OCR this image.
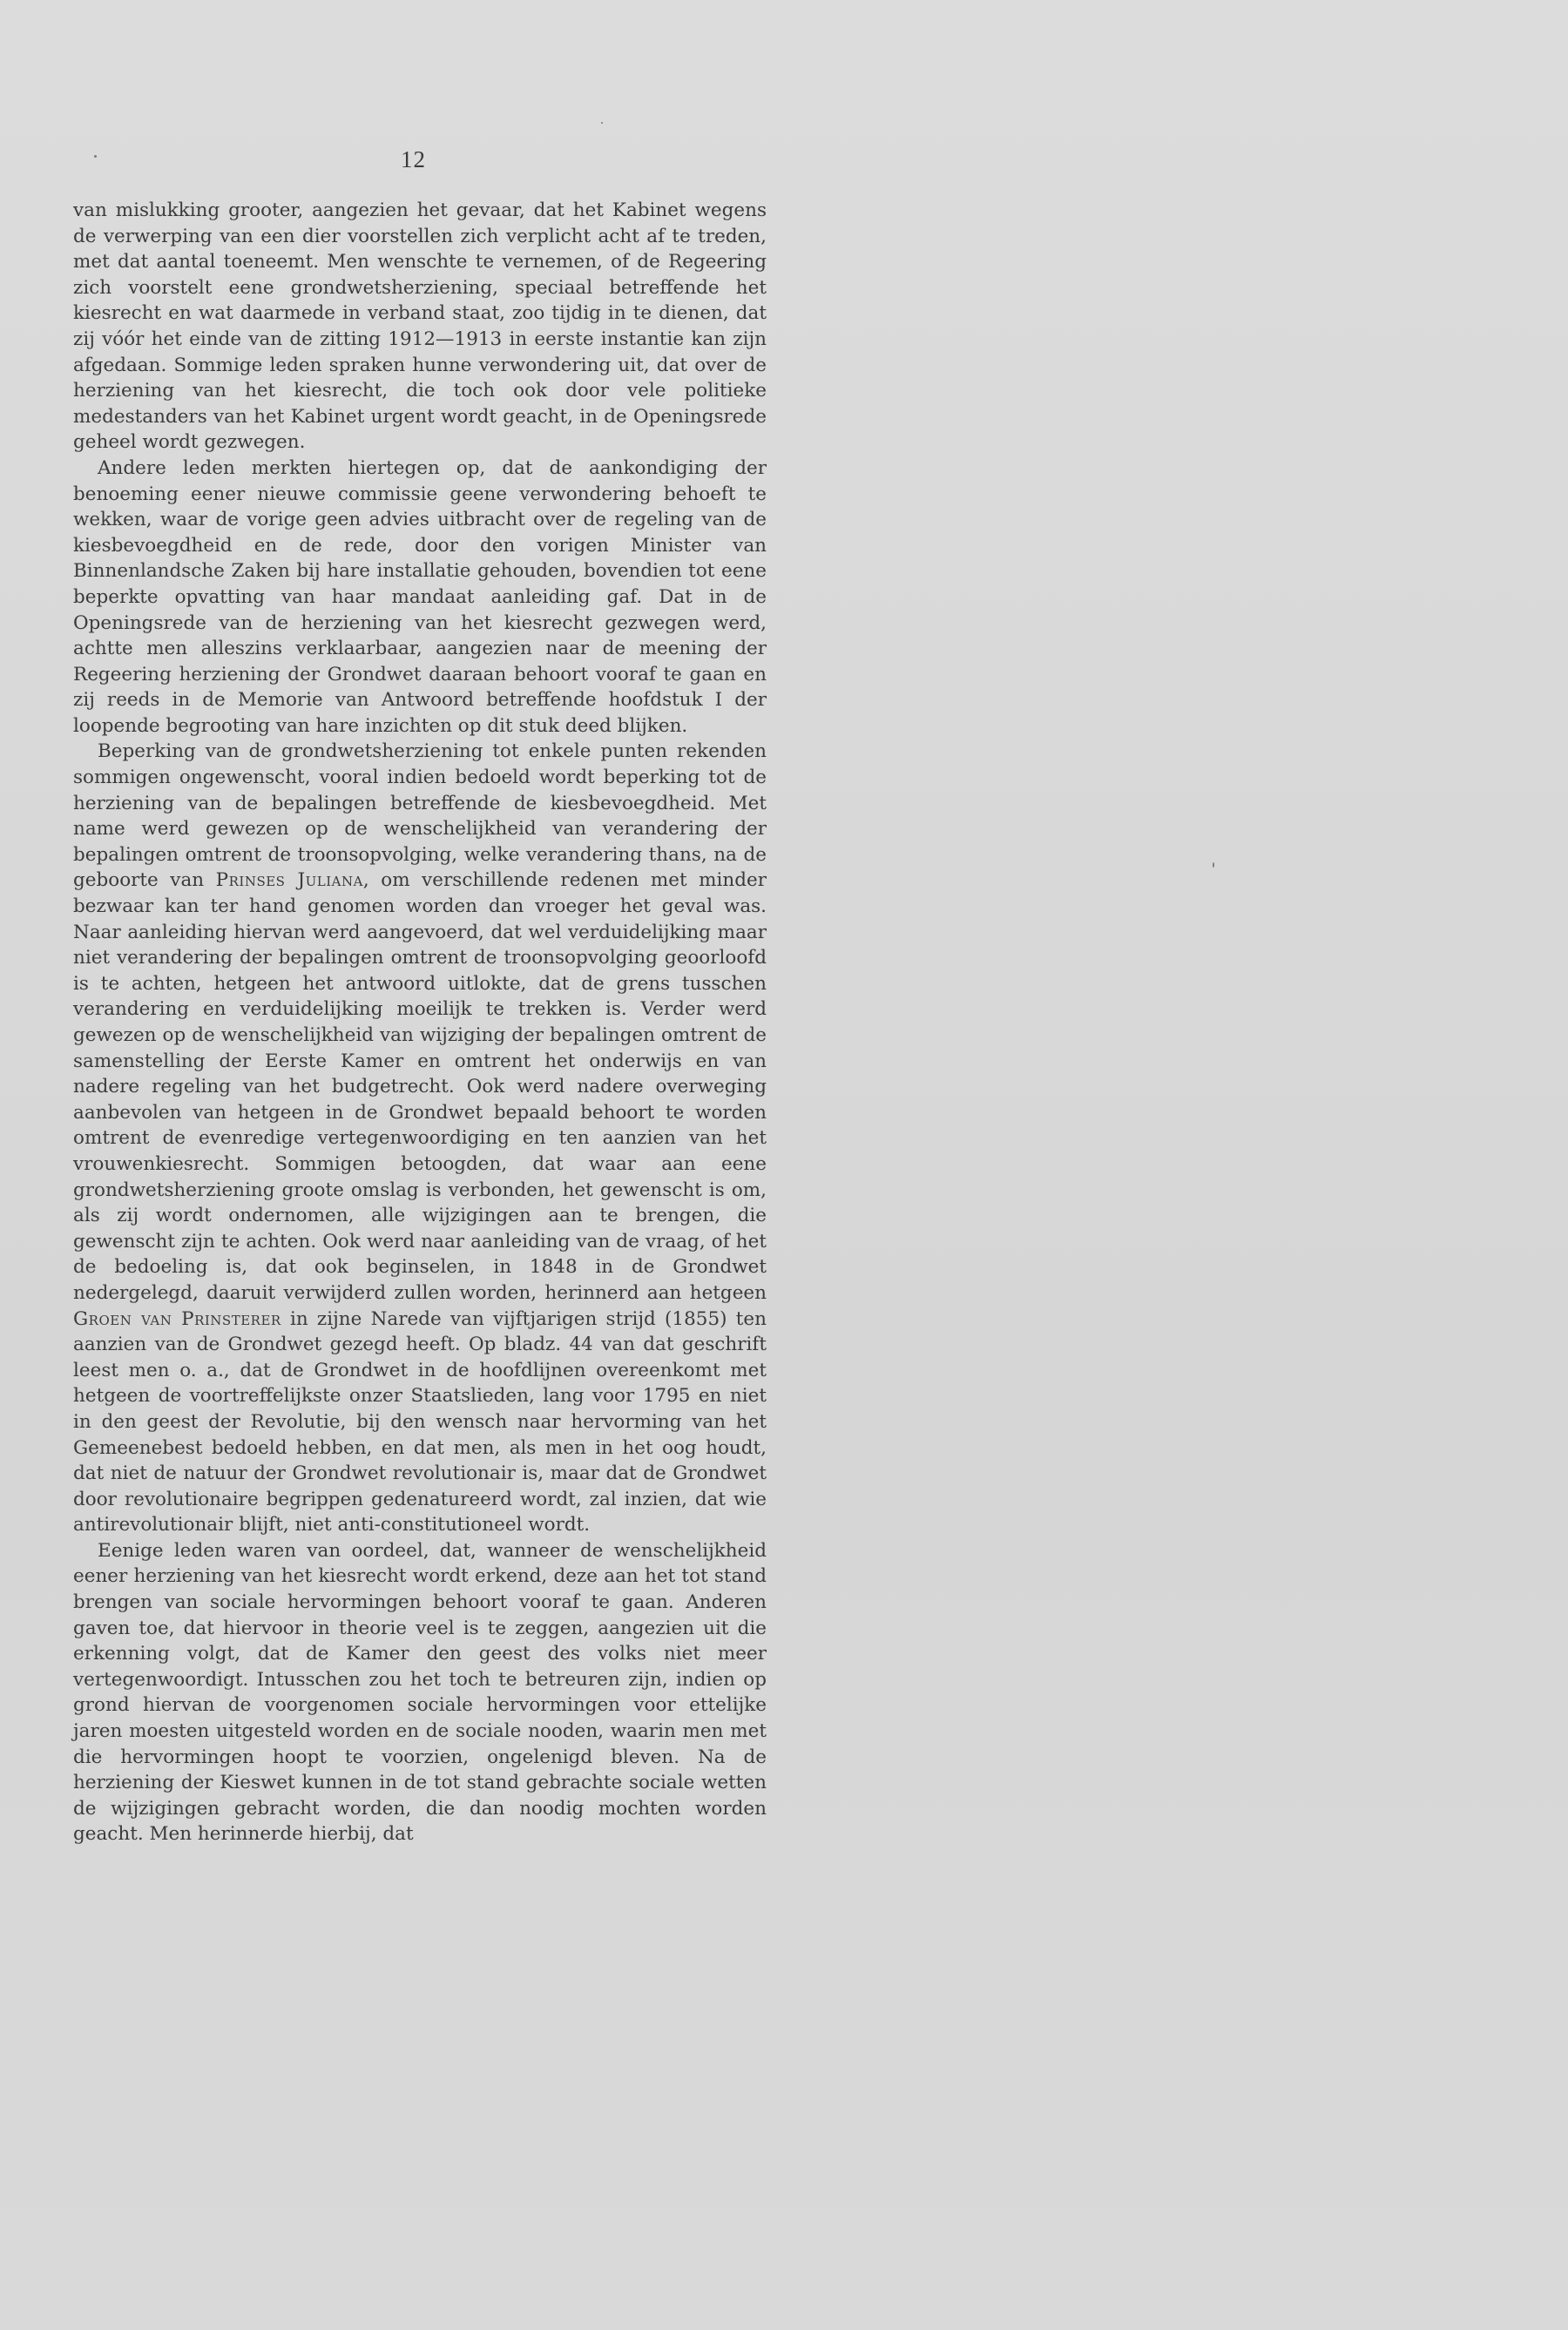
12

van mislukking grooter, aangezien het gevaar, dat het Kabinet wegens de verwerping van een dier voorstellen zich verplicht acht af te treden, met dat aantal toeneemt. Men wenschte te vernemen, of de Regeering zich voorstelt eene grondwetsherziening, speciaal betreffende het kiesrecht en wat daarmede in verband staat, zoo tijdig in te dienen, dat zij vóór het einde van de zitting 1912—1913 in eerste instantie kan zijn afgedaan. Sommige leden spraken hunne verwondering uit, dat over de herziening van het kiesrecht, die toch ook door vele politieke medestanders van het Kabinet urgent wordt geacht, in de Openingsrede geheel wordt gezwegen.

Andere leden merkten hiertegen op, dat de aankondiging der benoeming eener nieuwe commissie geene verwondering behoeft te wekken, waar de vorige geen advies uitbracht over de regeling van de kiesbevoegdheid en de rede, door den vorigen Minister van Binnenlandsche Zaken bij hare installatie gehouden, bovendien tot eene beperkte opvatting van haar mandaat aanleiding gaf. Dat in de Openingsrede van de herziening van het kiesrecht gezwegen werd, achtte men alleszins verklaarbaar, aangezien naar de meening der Regeering herziening der Grondwet daaraan behoort vooraf te gaan en zij reeds in de Memorie van Antwoord betreffende hoofdstuk I der loopende begrooting van hare inzichten op dit stuk deed blijken.

Beperking van de grondwetsherziening tot enkele punten rekenden sommigen ongewenscht, vooral indien bedoeld wordt beperking tot de herziening van de bepalingen betreffende de kiesbevoegdheid. Met name werd gewezen op de wenschelijkheid van verandering der bepalingen omtrent de troonsopvolging, welke verandering thans, na de geboorte van Prinses Juliana, om verschillende redenen met minder bezwaar kan ter hand genomen worden dan vroeger het geval was. Naar aanleiding hiervan werd aangevoerd, dat wel verduidelijking maar niet verandering der bepalingen omtrent de troonsopvolging geoorloofd is te achten, hetgeen het antwoord uitlokte, dat de grens tusschen verandering en verduidelijking moeilijk te trekken is. Verder werd gewezen op de wenschelijkheid van wijziging der bepalingen omtrent de samenstelling der Eerste Kamer en omtrent het onderwijs en van nadere regeling van het budgetrecht. Ook werd nadere overweging aanbevolen van hetgeen in de Grondwet bepaald behoort te worden omtrent de evenredige vertegenwoordiging en ten aanzien van het vrouwenkiesrecht. Sommigen betoogden, dat waar aan eene grondwetsherziening groote omslag is verbonden, het gewenscht is om, als zij wordt ondernomen, alle wijzigingen aan te brengen, die gewenscht zijn te achten. Ook werd naar aanleiding van de vraag, of het de bedoeling is, dat ook beginselen, in 1848 in de Grondwet nedergelegd, daaruit verwijderd zullen worden, herinnerd aan hetgeen Groen van Prinsterer in zijne Narede van vijftjarigen strijd (1855) ten aanzien van de Grondwet gezegd heeft. Op bladz. 44 van dat geschrift leest men o. a., dat de Grondwet in de hoofdlijnen overeenkomt met hetgeen de voortreffelijkste onzer Staatslieden, lang voor 1795 en niet in den geest der Revolutie, bij den wensch naar hervorming van het Gemeenebest bedoeld hebben, en dat men, als men in het oog houdt, dat niet de natuur der Grondwet revolutionair is, maar dat de Grondwet door revolutionaire begrippen gedenatureerd wordt, zal inzien, dat wie antirevolutionair blijft, niet anti-constitutioneel wordt.

Eenige leden waren van oordeel, dat, wanneer de wenschelijkheid eener herziening van het kiesrecht wordt erkend, deze aan het tot stand brengen van sociale hervormingen behoort vooraf te gaan. Anderen gaven toe, dat hiervoor in theorie veel is te zeggen, aangezien uit die erkenning volgt, dat de Kamer den geest des volks niet meer vertegenwoordigt. Intusschen zou het toch te betreuren zijn, indien op grond hiervan de voorgenomen sociale hervormingen voor ettelijke jaren moesten uitgesteld worden en de sociale nooden, waarin men met die hervormingen hoopt te voorzien, ongelenigd bleven. Na de herziening der Kieswet kunnen in de tot stand gebrachte sociale wetten de wijzigingen gebracht worden, die dan noodig mochten worden geacht. Men herinnerde hierbij, dat
